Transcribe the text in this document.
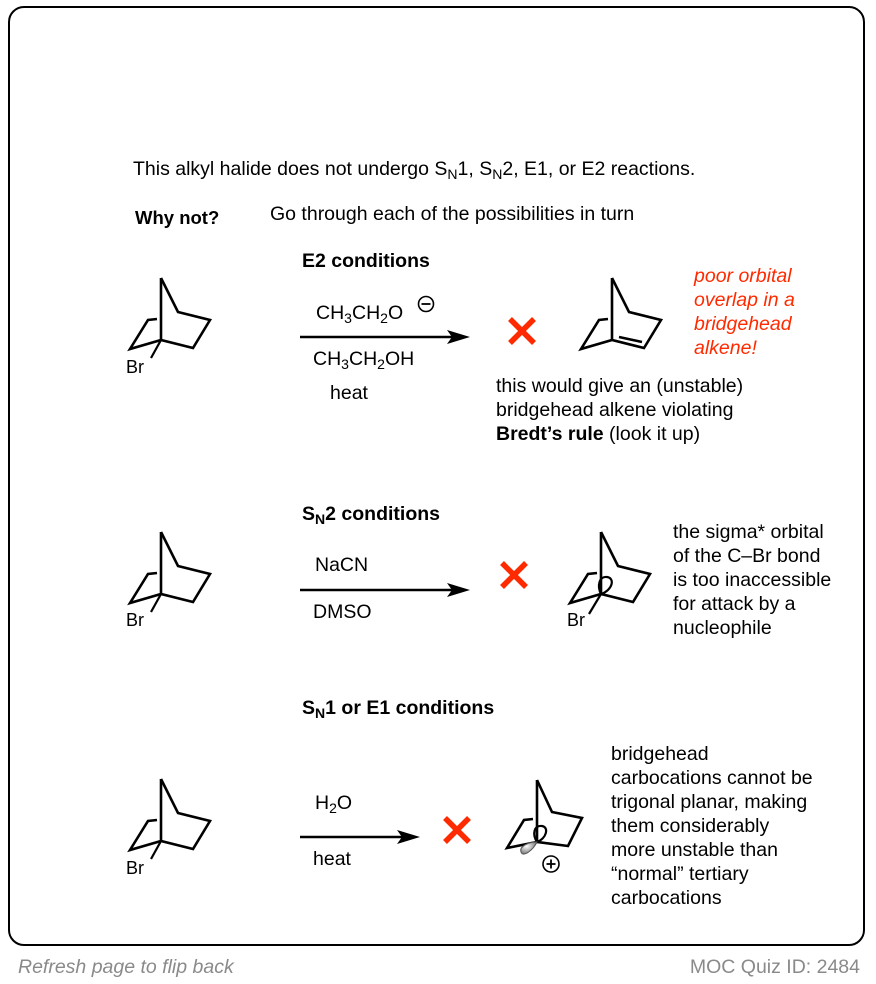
This alkyl halide does not undergo $S_N1$, $S_N2$, E1, or E2 reactions.
Why not?	Go through each of the possibilities in turn
E2 conditions
$CH_3CH_2O$
$CH_3CH_2OH$
heat
Br
poor orbital
overlap in a
bridgehead
alkene!
this would give an (unstable)
bridgehead alkene violating
Bredt’s rule (look it up)
$S_N2$ conditions
NaCN
DMSO
Br	Br
the sigma* orbital
of the C–Br bond
is too inaccessible
for attack by a
nucleophile
$S_N1$ or E1 conditions
$H_2O$
heat
Br
bridgehead
carbocations cannot be
trigonal planar, making
them considerably
more unstable than
“normal” tertiary
carbocations
Refresh page to flip back	MOC Quiz ID: 2484
